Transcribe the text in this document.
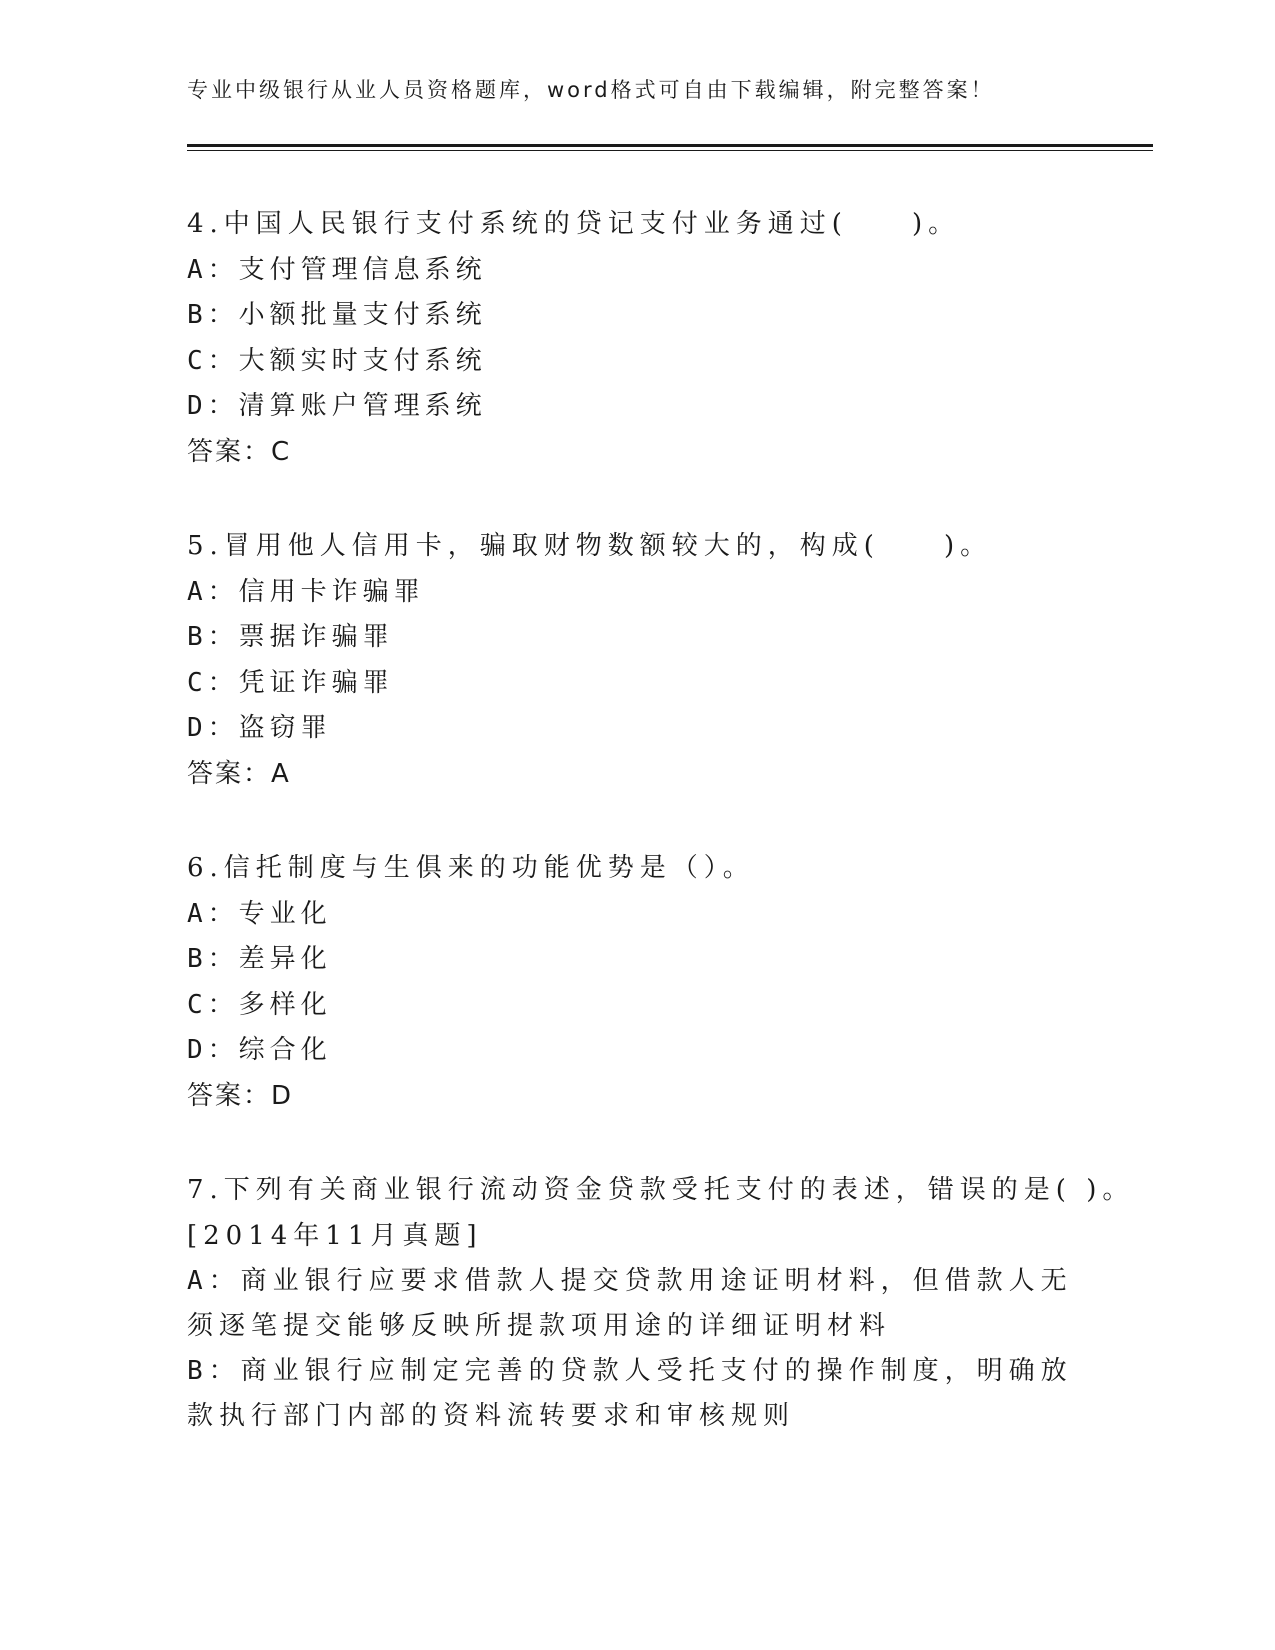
专业中级银行从业人员资格题库，word格式可自由下载编辑，附完整答案！
4.中国人民银行支付系统的贷记支付业务通过(　　)。
A：支付管理信息系统
B：小额批量支付系统
C：大额实时支付系统
D：清算账户管理系统
答案：C
5.冒用他人信用卡，骗取财物数额较大的，构成(　　)。
A：信用卡诈骗罪
B：票据诈骗罪
C：凭证诈骗罪
D：盗窃罪
答案：A
6.信托制度与生俱来的功能优势是（）。
A：专业化
B：差异化
C：多样化
D：综合化
答案：D
7.下列有关商业银行流动资金贷款受托支付的表述，错误的是( )。
[2014年11月真题]
A：商业银行应要求借款人提交贷款用途证明材料，但借款人无须逐笔提交能够反映所提款项用途的详细证明材料
B：商业银行应制定完善的贷款人受托支付的操作制度，明确放款执行部门内部的资料流转要求和审核规则
